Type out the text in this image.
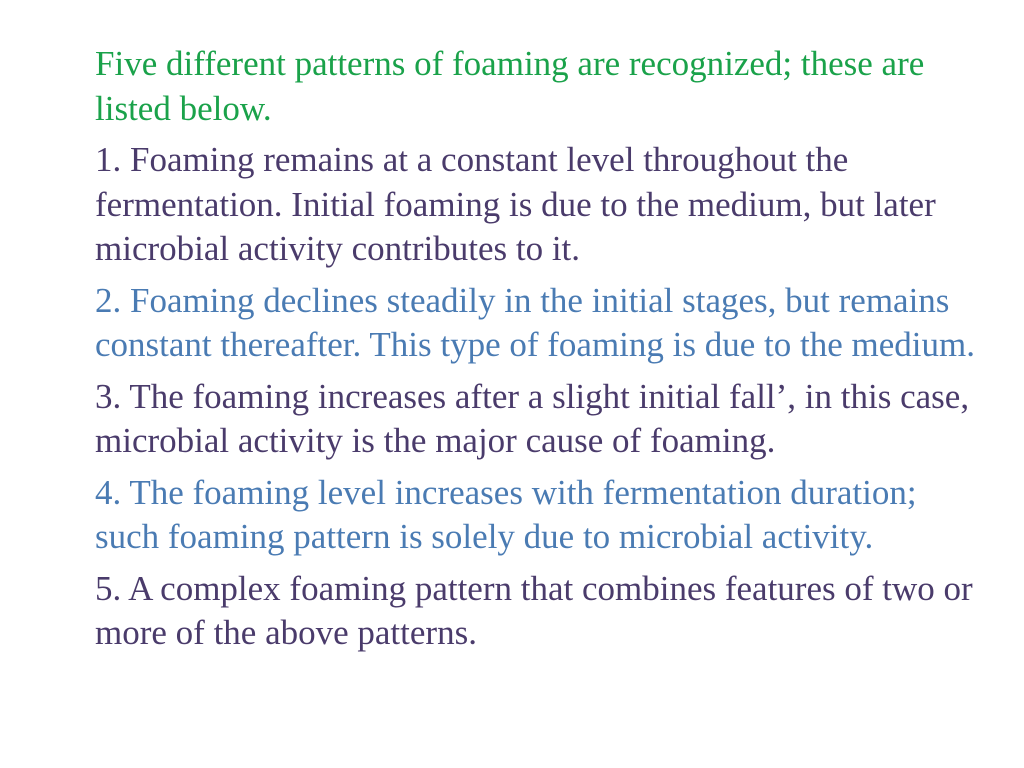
Five different patterns of foaming are recognized; these are listed below.

1. Foaming remains at a constant level throughout the fermentation. Initial foaming is due to the medium, but later microbial activity contributes to it.

2. Foaming declines steadily in the initial stages, but remains constant thereafter. This type of foaming is due to the medium.

3. The foaming increases after a slight initial fall’, in this case, microbial activity is the major cause of foaming.

4. The foaming level increases with fermentation duration; such foaming pattern is solely due to microbial activity.

5. A complex foaming pattern that combines features of two or more of the above patterns.
